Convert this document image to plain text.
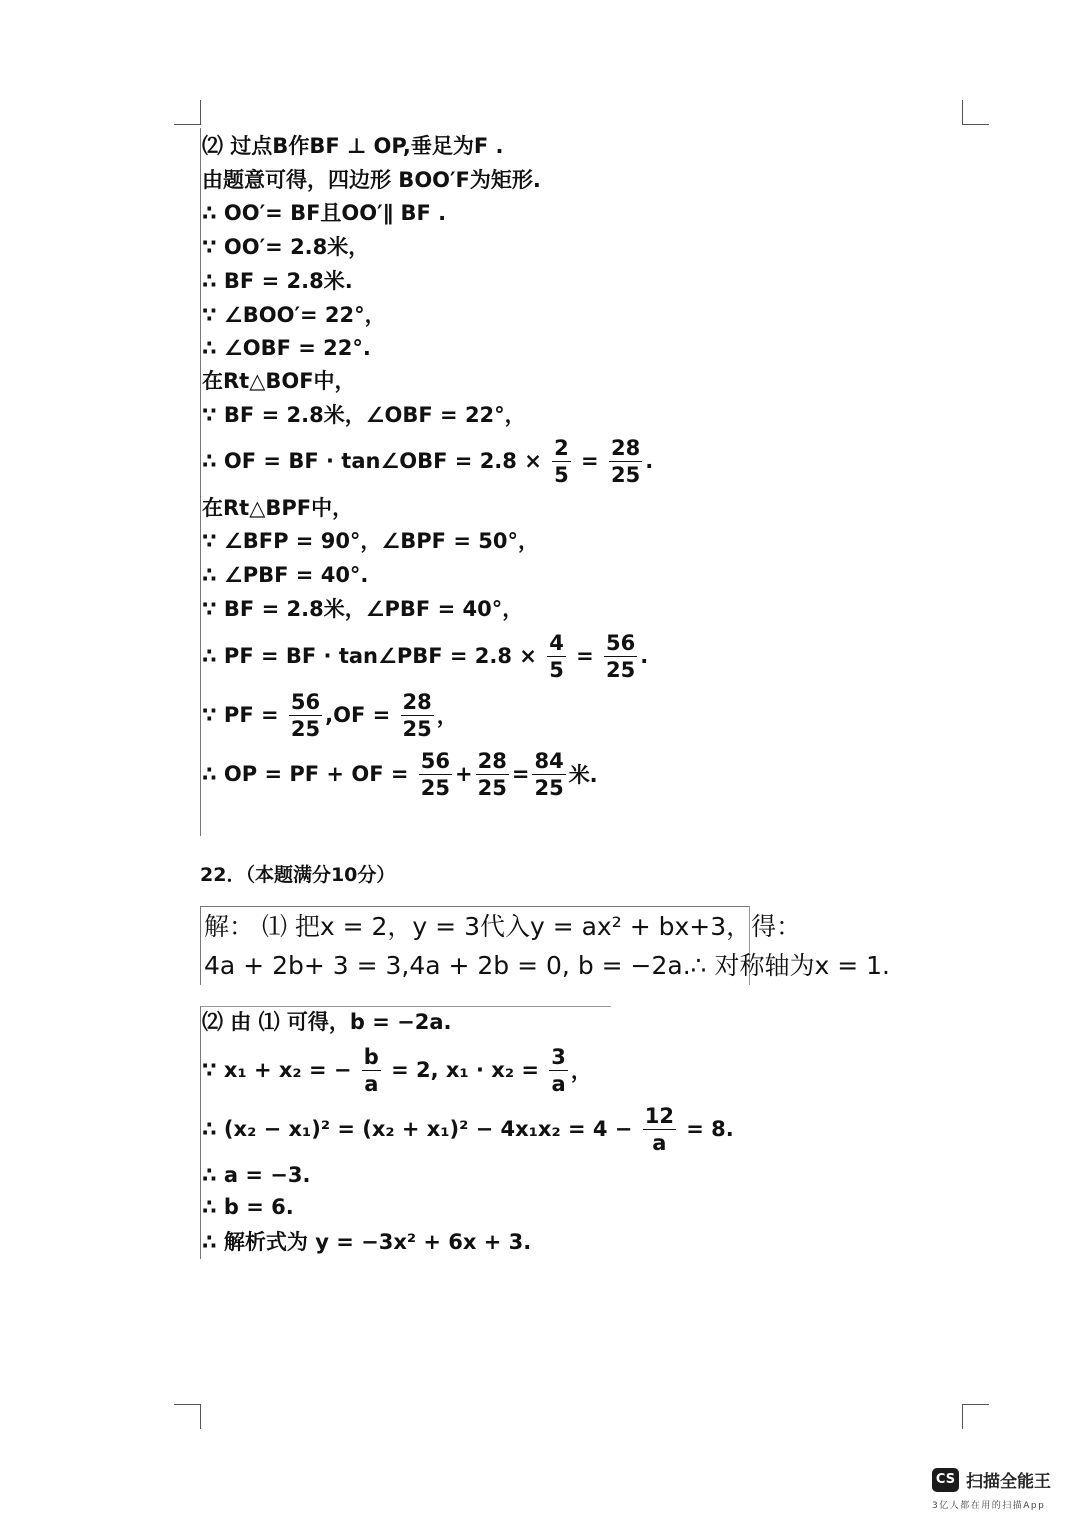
⑵ 过点B作BF ⊥ OP,垂足为F .
由题意可得，四边形 BOO′F为矩形.
∴ OO′= BF且OO′∥ BF .
∵ OO′= 2.8米，
∴ BF = 2.8米.
∵ ∠BOO′= 22°，
∴ ∠OBF = 22°.
在Rt△BOF中，
∵ BF = 2.8米，∠OBF = 22°，
∴ OF = BF · tan∠OBF = $2.8 \times \frac{2}{5} = \frac{28}{25}$ .
在Rt△BPF中，
∵ ∠BFP = 90°，∠BPF = 50°，
∴ ∠PBF = 40°.
∵ BF = 2.8米，∠PBF = 40°，
∴ PF = BF · tan∠PBF = $2.8 \times \frac{4}{5} = \frac{56}{25}$ .
∵ PF = $\frac{56}{25} ,OF = \frac{28}{25}$ ，
∴ OP = PF + OF = $\frac{56}{25} + \frac{28}{25} = \frac{84}{25}$ 米.
22．（本题满分10分）
解： ⑴ 把x = 2，y = 3代入y = ax² + bx+3，得：
4a + 2b+ 3 = 3,4a + 2b = 0, b = −2a.∴ 对称轴为x = 1.
⑵ 由 ⑴ 可得，b = −2a.
∵ x₁ + x₂ = − $\frac{b}{a} = 2$, $x_1 \cdot x_2 = \frac{3}{a}$ ，
∴ $(x_2 - x_1)^2 = (x_2 + x_1)^2 - 4x_1x_2 = 4 - \frac{12}{a} = 8$.
∴ a = −3.
∴ b = 6.
∴ 解析式为 y = −3x² + 6x + 3.
CS 扫描全能王
3亿人都在用的扫描App
